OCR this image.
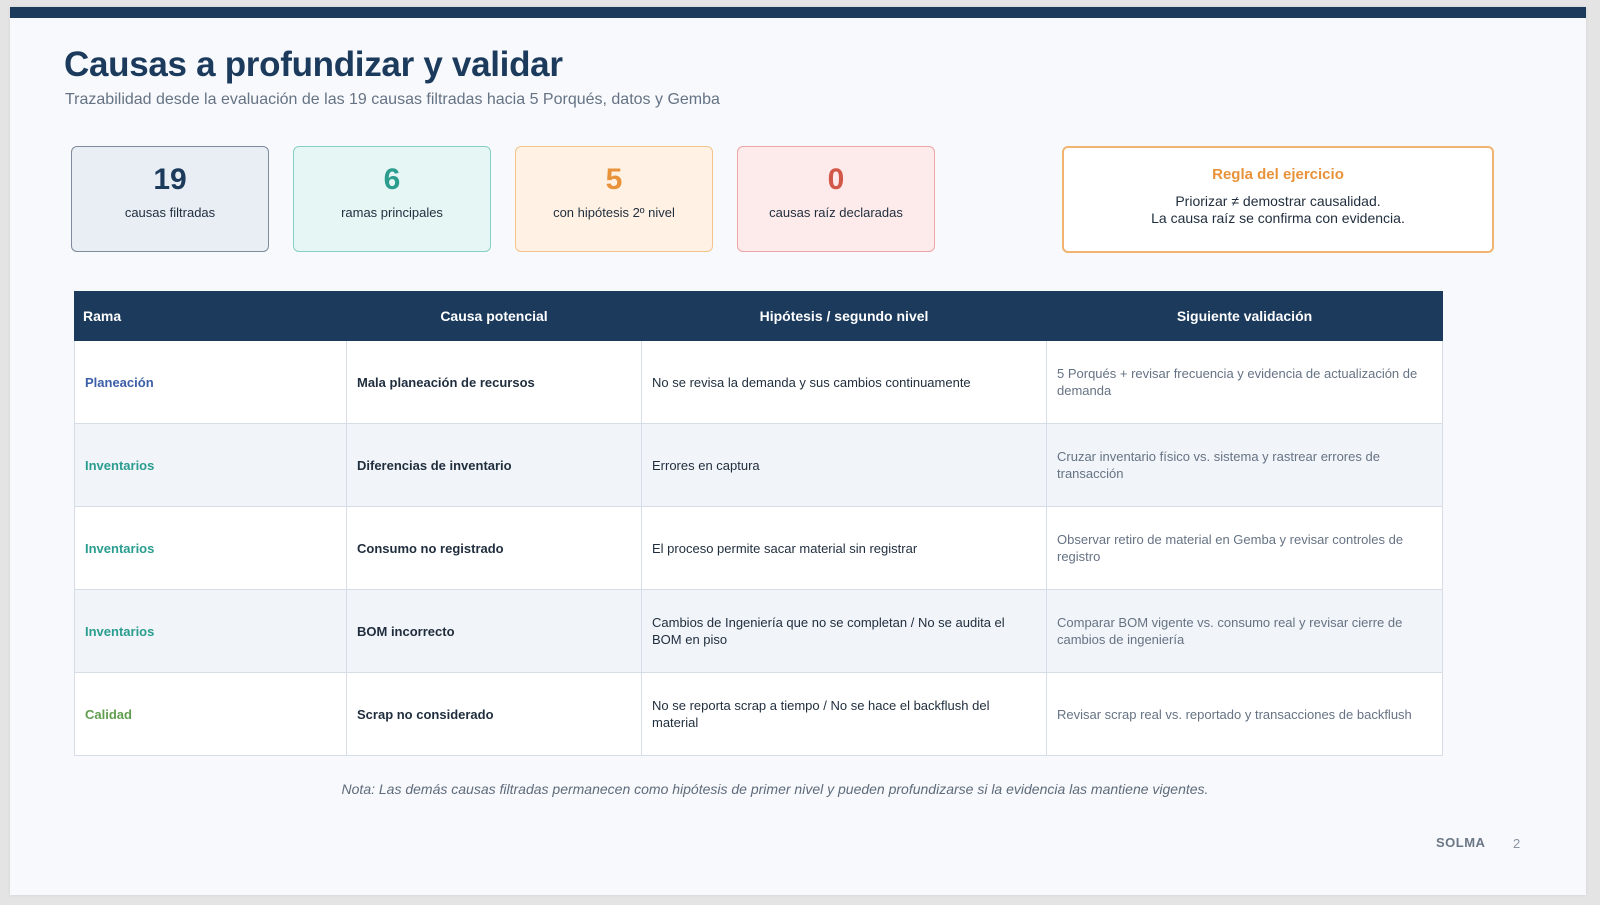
Causas a profundizar y validar
Trazabilidad desde la evaluación de las 19 causas filtradas hacia 5 Porqués, datos y Gemba
19
causas filtradas
6
ramas principales
5
con hipótesis 2º nivel
0
causas raíz declaradas
Regla del ejercicio
Priorizar ≠ demostrar causalidad.
La causa raíz se confirma con evidencia.
Rama	Causa potencial	Hipótesis / segundo nivel	Siguiente validación
Planeación	Mala planeación de recursos	No se revisa la demanda y sus cambios continuamente	5 Porqués + revisar frecuencia y evidencia de actualización de demanda
Inventarios	Diferencias de inventario	Errores en captura	Cruzar inventario físico vs. sistema y rastrear errores de transacción
Inventarios	Consumo no registrado	El proceso permite sacar material sin registrar	Observar retiro de material en Gemba y revisar controles de registro
Inventarios	BOM incorrecto	Cambios de Ingeniería que no se completan / No se audita el BOM en piso	Comparar BOM vigente vs. consumo real y revisar cierre de cambios de ingeniería
Calidad	Scrap no considerado	No se reporta scrap a tiempo / No se hace el backflush del material	Revisar scrap real vs. reportado y transacciones de backflush
Nota: Las demás causas filtradas permanecen como hipótesis de primer nivel y pueden profundizarse si la evidencia las mantiene vigentes.
SOLMA 2
